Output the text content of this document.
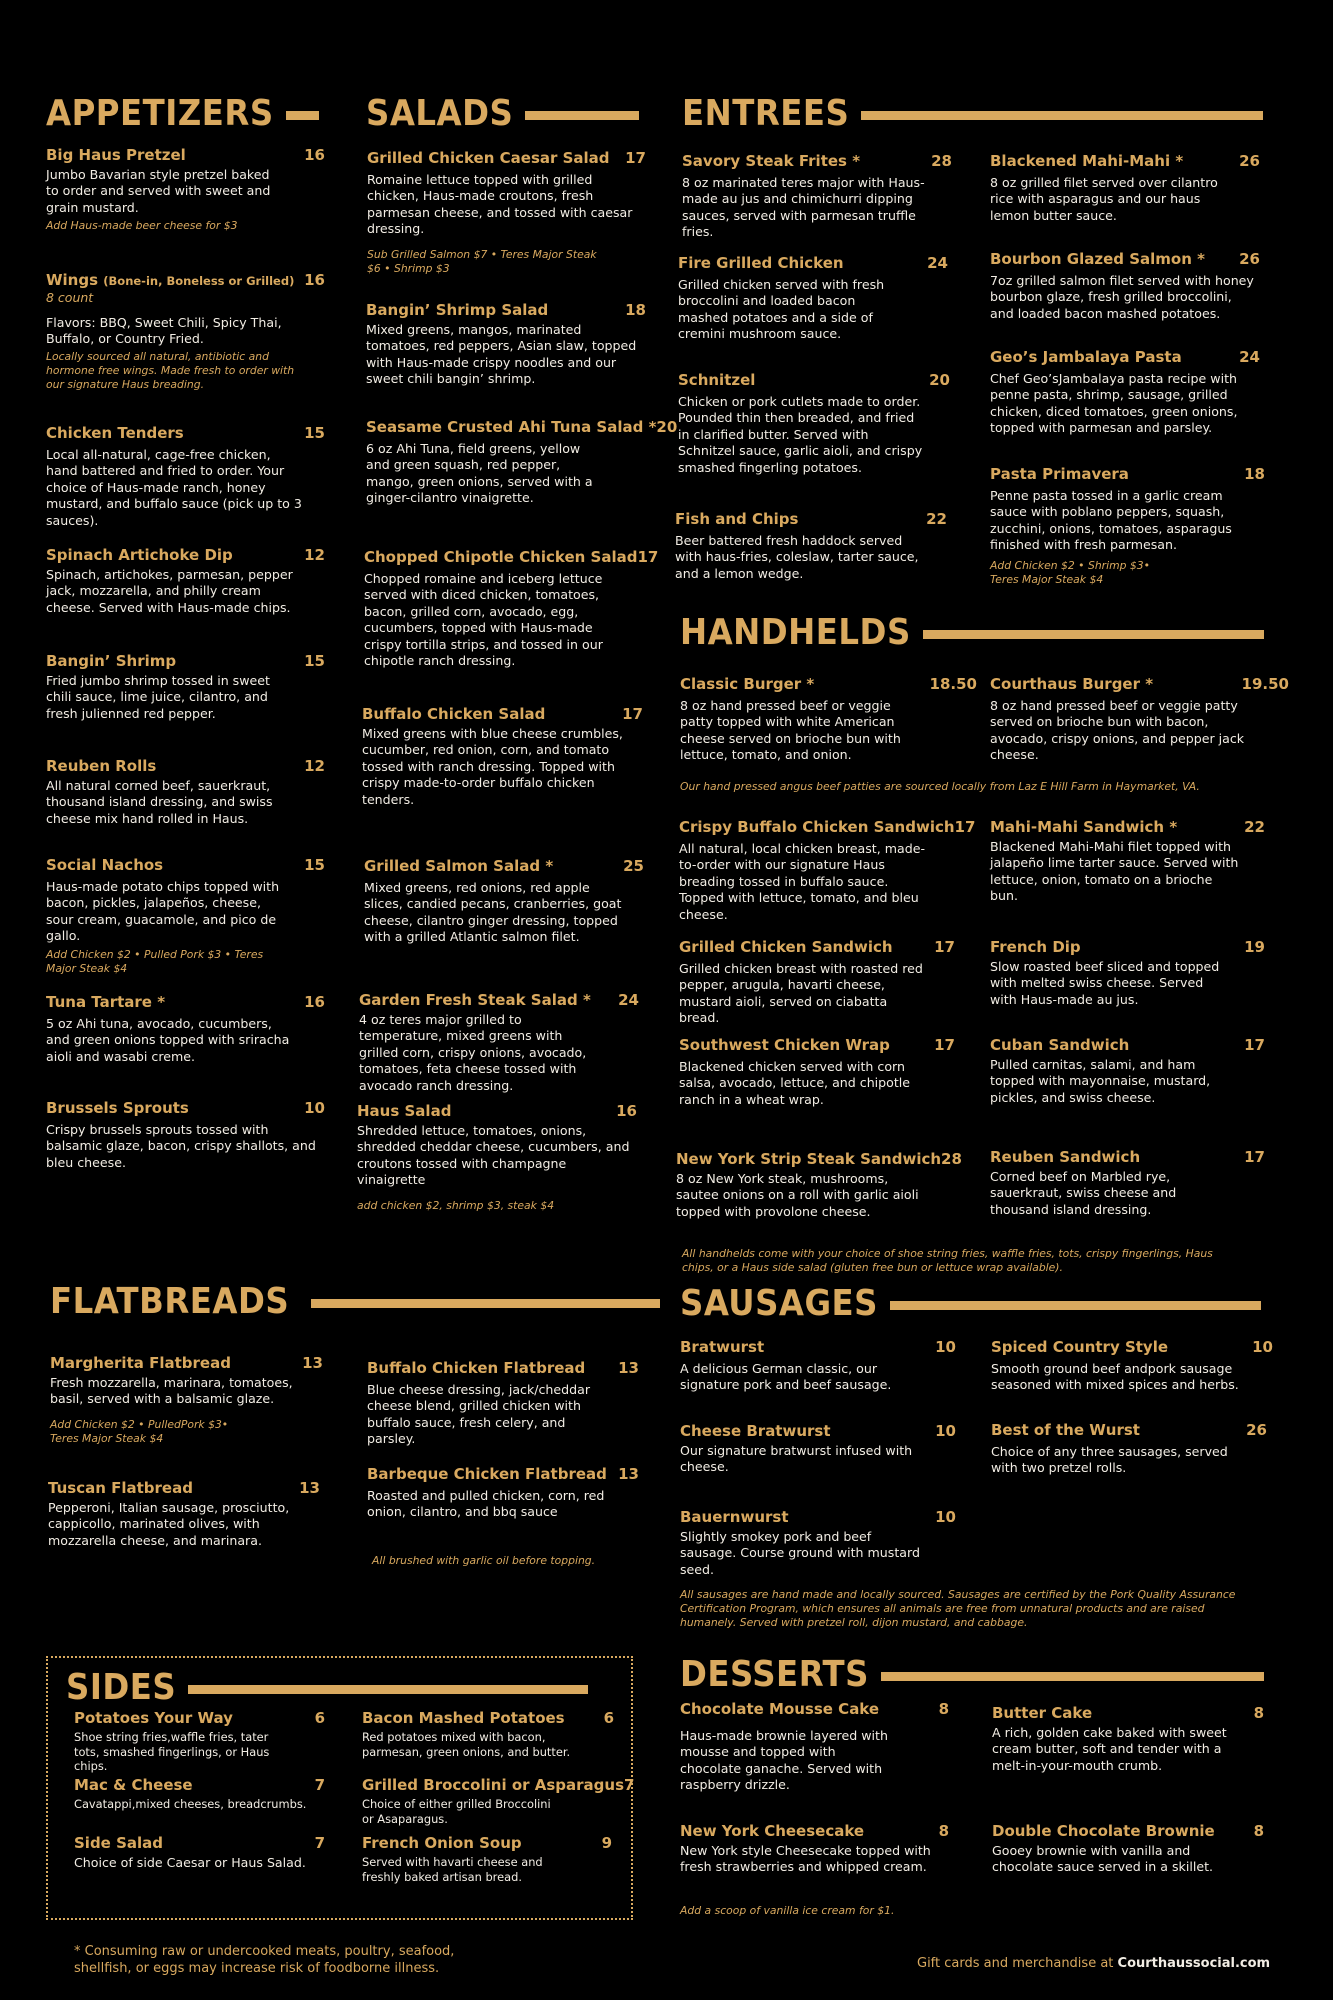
APPETIZERS	SALADS	ENTREES
HANDHELDS
FLATBREADS	SAUSAGES
DESSERTS
Big Haus Pretzel	16
Jumbo Bavarian style pretzel baked to order and served with sweet and grain mustard.
Add Haus-made beer cheese for $3
Wings (Bone-in, Boneless or Grilled) 16
8 count
Flavors: BBQ, Sweet Chili, Spicy Thai, Buffalo, or Country Fried.
Locally sourced all natural, antibiotic and hormone free wings. Made fresh to order with our signature Haus breading.
Chicken Tenders	15
Local all-natural, cage-free chicken, hand battered and fried to order. Your choice of Haus-made ranch, honey mustard, and buffalo sauce (pick up to 3 sauces).
Spinach Artichoke Dip	12
Spinach, artichokes, parmesan, pepper jack, mozzarella, and philly cream cheese. Served with Haus-made chips.
Bangin’ Shrimp	15
Fried jumbo shrimp tossed in sweet chili sauce, lime juice, cilantro, and fresh julienned red pepper.
Reuben Rolls	12
All natural corned beef, sauerkraut, thousand island dressing, and swiss cheese mix hand rolled in Haus.
Social Nachos	15
Haus-made potato chips topped with bacon, pickles, jalapeños, cheese, sour cream, guacamole, and pico de gallo.
Add Chicken $2 • Pulled Pork $3 • Teres Major Steak $4
Tuna Tartare *	16
5 oz Ahi tuna, avocado, cucumbers, and green onions topped with sriracha aioli and wasabi creme.
Brussels Sprouts	10
Crispy brussels sprouts tossed with balsamic glaze, bacon, crispy shallots, and bleu cheese.
Grilled Chicken Caesar Salad 17
Romaine lettuce topped with grilled chicken, Haus-made croutons, fresh parmesan cheese, and tossed with caesar dressing.
Sub Grilled Salmon $7 • Teres Major Steak $6 • Shrimp $3
Bangin’ Shrimp Salad	18
Mixed greens, mangos, marinated tomatoes, red peppers, Asian slaw, topped with Haus-made crispy noodles and our sweet chili bangin’ shrimp.
Seasame Crusted Ahi Tuna Salad * 20
6 oz Ahi Tuna, field greens, yellow and green squash, red pepper, mango, green onions, served with a ginger-cilantro vinaigrette.
Chopped Chipotle Chicken Salad 17
Chopped romaine and iceberg lettuce served with diced chicken, tomatoes, bacon, grilled corn, avocado, egg, cucumbers, topped with Haus-made crispy tortilla strips, and tossed in our chipotle ranch dressing.
Buffalo Chicken Salad	17
Mixed greens with blue cheese crumbles, cucumber, red onion, corn, and tomato tossed with ranch dressing. Topped with crispy made-to-order buffalo chicken tenders.
Grilled Salmon Salad *	25
Mixed greens, red onions, red apple slices, candied pecans, cranberries, goat cheese, cilantro ginger dressing, topped with a grilled Atlantic salmon filet.
Garden Fresh Steak Salad * 24
4 oz teres major grilled to temperature, mixed greens with grilled corn, crispy onions, avocado, tomatoes, feta cheese tossed with avocado ranch dressing.
Haus Salad	16
Shredded lettuce, tomatoes, onions, shredded cheddar cheese, cucumbers, and croutons tossed with champagne vinaigrette
add chicken $2, shrimp $3, steak $4
Savory Steak Frites *	28
8 oz marinated teres major with Haus-made au jus and chimichurri dipping sauces, served with parmesan truffle fries.
Fire Grilled Chicken	24
Grilled chicken served with fresh broccolini and loaded bacon mashed potatoes and a side of cremini mushroom sauce.
Schnitzel	20
Chicken or pork cutlets made to order. Pounded thin then breaded, and fried in clarified butter. Served with Schnitzel sauce, garlic aioli, and crispy smashed fingerling potatoes.
Fish and Chips	22
Beer battered fresh haddock served with haus-fries, coleslaw, tarter sauce, and a lemon wedge.
Blackened Mahi-Mahi *	26
8 oz grilled filet served over cilantro rice with asparagus and our haus lemon butter sauce.
Bourbon Glazed Salmon * 26
7oz grilled salmon filet served with honey bourbon glaze, fresh grilled broccolini, and loaded bacon mashed potatoes.
Geo’s Jambalaya Pasta	24
Chef Geo’sJambalaya pasta recipe with penne pasta, shrimp, sausage, grilled chicken, diced tomatoes, green onions, topped with parmesan and parsley.
Pasta Primavera	18
Penne pasta tossed in a garlic cream sauce with poblano peppers, squash, zucchini, onions, tomatoes, asparagus finished with fresh parmesan.
Add Chicken $2 • Shrimp $3• Teres Major Steak $4
Classic Burger *	18.50
8 oz hand pressed beef or veggie patty topped with white American cheese served on brioche bun with lettuce, tomato, and onion.
Courthaus Burger *	19.50
8 oz hand pressed beef or veggie patty served on brioche bun with bacon, avocado, crispy onions, and pepper jack cheese.
Our hand pressed angus beef patties are sourced locally from Laz E Hill Farm in Haymarket, VA.
Crispy Buffalo Chicken Sandwich 17
All natural, local chicken breast, made-to-order with our signature Haus breading tossed in buffalo sauce. Topped with lettuce, tomato, and bleu cheese.
Mahi-Mahi Sandwich *	22
Blackened Mahi-Mahi filet topped with jalapeño lime tarter sauce. Served with lettuce, onion, tomato on a brioche bun.
Grilled Chicken Sandwich	17
Grilled chicken breast with roasted red pepper, arugula, havarti cheese, mustard aioli, served on ciabatta bread.
French Dip	19
Slow roasted beef sliced and topped with melted swiss cheese. Served with Haus-made au jus.
Southwest Chicken Wrap	17
Blackened chicken served with corn salsa, avocado, lettuce, and chipotle ranch in a wheat wrap.
Cuban Sandwich	17
Pulled carnitas, salami, and ham topped with mayonnaise, mustard, pickles, and swiss cheese.
New York Strip Steak Sandwich 28
8 oz New York steak, mushrooms, sautee onions on a roll with garlic aioli topped with provolone cheese.
Reuben Sandwich	17
Corned beef on Marbled rye, sauerkraut, swiss cheese and thousand island dressing.
All handhelds come with your choice of shoe string fries, waffle fries, tots, crispy fingerlings, Haus chips, or a Haus side salad (gluten free bun or lettuce wrap available).
Margherita Flatbread	13
Fresh mozzarella, marinara, tomatoes, basil, served with a balsamic glaze.
Add Chicken $2 • PulledPork $3• Teres Major Steak $4
Buffalo Chicken Flatbread 13
Blue cheese dressing, jack/cheddar cheese blend, grilled chicken with buffalo sauce, fresh celery, and parsley.
Barbeque Chicken Flatbread 13
Roasted and pulled chicken, corn, red onion, cilantro, and bbq sauce
Tuscan Flatbread	13
Pepperoni, Italian sausage, prosciutto, cappicollo, marinated olives, with mozzarella cheese, and marinara.
All brushed with garlic oil before topping.
Bratwurst	10
A delicious German classic, our signature pork and beef sausage.
Spiced Country Style	10
Smooth ground beef andpork sausage seasoned with mixed spices and herbs.
Cheese Bratwurst	10
Our signature bratwurst infused with cheese.
Best of the Wurst	26
Choice of any three sausages, served with two pretzel rolls.
Bauernwurst	10
Slightly smokey pork and beef sausage. Course ground with mustard seed.
All sausages are hand made and locally sourced. Sausages are certified by the Pork Quality Assurance Certification Program, which ensures all animals are free from unnatural products and are raised humanely. Served with pretzel roll, dijon mustard, and cabbage.
SIDES
Potatoes Your Way	6
Shoe string fries,waffle fries, tater tots, smashed fingerlings, or Haus chips.
Bacon Mashed Potatoes	6
Red potatoes mixed with bacon, parmesan, green onions, and butter.
Mac & Cheese	7
Cavatappi,mixed cheeses, breadcrumbs.
Grilled Broccolini or Asparagus 7
Choice of either grilled Broccolini or Asaparagus.
Side Salad	7
Choice of side Caesar or Haus Salad.
French Onion Soup	9
Served with havarti cheese and freshly baked artisan bread.
Chocolate Mousse Cake	8
Haus-made brownie layered with mousse and topped with chocolate ganache. Served with raspberry drizzle.
Butter Cake	8
A rich, golden cake baked with sweet cream butter, soft and tender with a melt-in-your-mouth crumb.
New York Cheesecake	8
New York style Cheesecake topped with fresh strawberries and whipped cream.
Double Chocolate Brownie	8
Gooey brownie with vanilla and chocolate sauce served in a skillet.
Add a scoop of vanilla ice cream for $1.
* Consuming raw or undercooked meats, poultry, seafood, shellfish, or eggs may increase risk of foodborne illness.	Gift cards and merchandise at Courthaussocial.com
